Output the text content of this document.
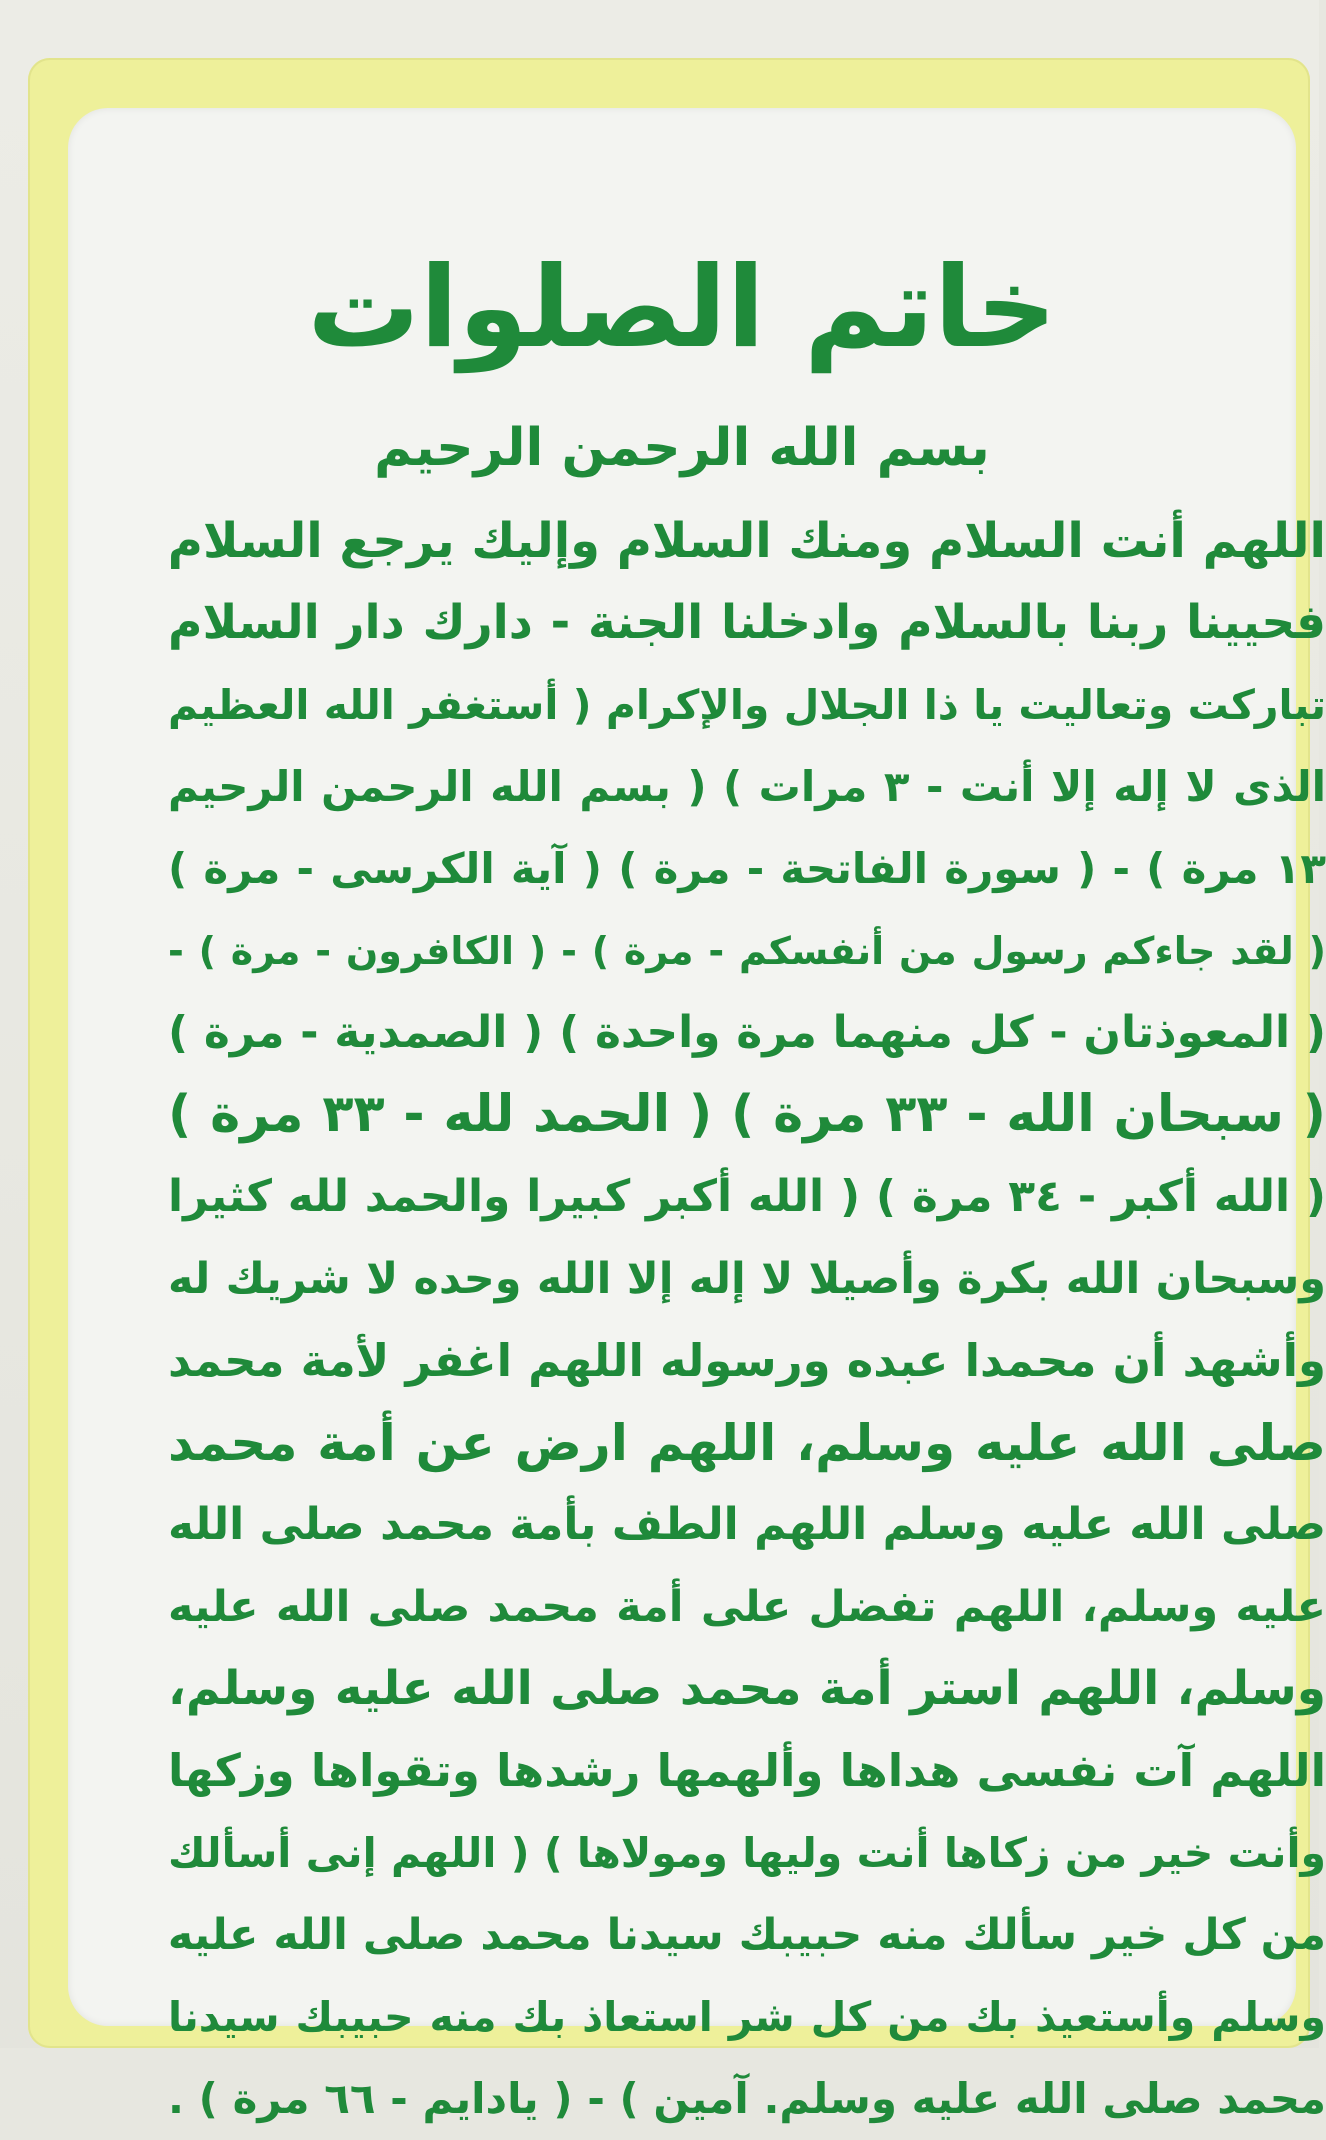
خاتم الصلوات
بسم الله الرحمن الرحيم
اللهم أنت السلام ومنك السلام وإليك يرجع السلام
فحيينا ربنا بالسلام وادخلنا الجنة - دارك دار السلام
تباركت وتعاليت يا ذا الجلال والإكرام ( أستغفر الله العظيم
الذى لا إله إلا أنت - ٣ مرات ) ( بسم الله الرحمن الرحيم
١٣ مرة ) - ( سورة الفاتحة - مرة ) ( آية الكرسى - مرة )
( لقد جاءكم رسول من أنفسكم - مرة ) - ( الكافرون - مرة ) -
( المعوذتان - كل منهما مرة واحدة ) ( الصمدية - مرة )
( سبحان الله - ٣٣ مرة ) ( الحمد لله - ٣٣ مرة )
( الله أكبر - ٣٤ مرة ) ( الله أكبر كبيرا والحمد لله كثيرا
وسبحان الله بكرة وأصيلا لا إله إلا الله وحده لا شريك له
وأشهد أن محمدا عبده ورسوله اللهم اغفر لأمة محمد
صلى الله عليه وسلم، اللهم ارض عن أمة محمد
صلى الله عليه وسلم اللهم الطف بأمة محمد صلى الله
عليه وسلم، اللهم تفضل على أمة محمد صلى الله عليه
وسلم، اللهم استر أمة محمد صلى الله عليه وسلم،
اللهم آت نفسى هداها وألهمها رشدها وتقواها وزكها
وأنت خير من زكاها أنت وليها ومولاها ) ( اللهم إنى أسألك
من كل خير سألك منه حبيبك سيدنا محمد صلى الله عليه
وسلم وأستعيذ بك من كل شر استعاذ بك منه حبيبك سيدنا
محمد صلى الله عليه وسلم. آمين ) - ( يادايم - ٦٦ مرة ) .
